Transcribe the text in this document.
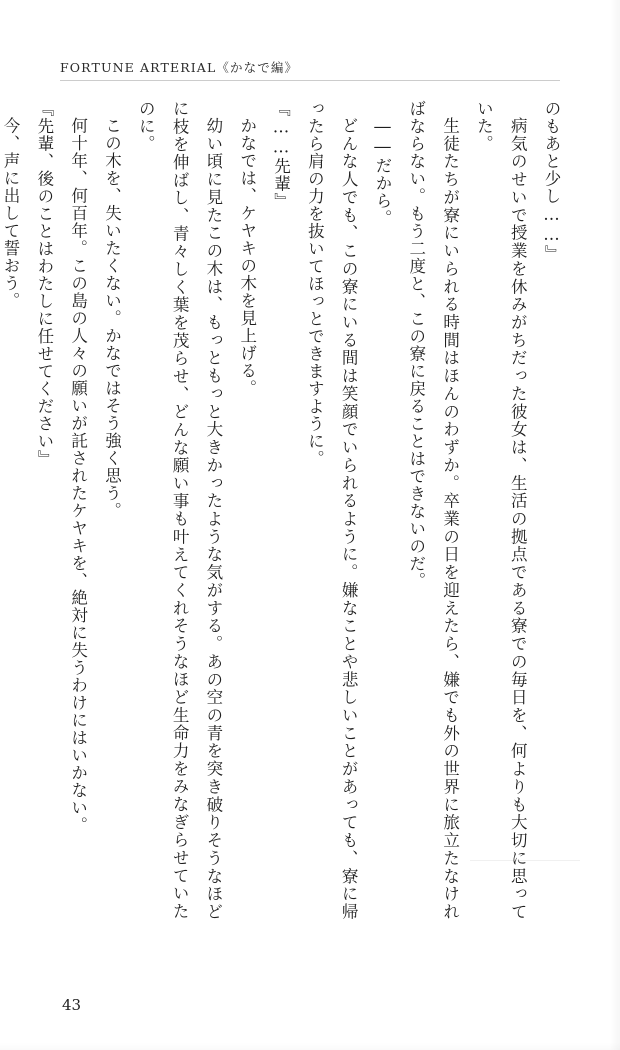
FORTUNE ARTERIAL《かなで編》

のもあと少し……』

病気のせいで授業を休みがちだった彼女は、生活の拠点である寮での毎日を、何よりも大切に思っていた。

生徒たちが寮にいられる時間はほんのわずか。卒業の日を迎えたら、嫌でも外の世界に旅立たなければならない。もう二度と、この寮に戻ることはできないのだ。

――だから。

どんな人でも、この寮にいる間は笑顔でいられるように。嫌なことや悲しいことがあっても、寮に帰ったら肩の力を抜いてほっとできますように。

『……先輩』

かなでは、ケヤキの木を見上げる。

幼い頃に見たこの木は、もっともっと大きかったような気がする。あの空の青を突き破りそうなほどに枝を伸ばし、青々しく葉を茂らせ、どんな願い事も叶えてくれそうなほど生命力をみなぎらせていたのに。

この木を、失いたくない。かなではそう強く思う。

何十年、何百年。この島の人々の願いが託されたケヤキを、絶対に失うわけにはいかない。

『先輩、後のことはわたしに任せてください』

今、声に出して誓おう。

43
